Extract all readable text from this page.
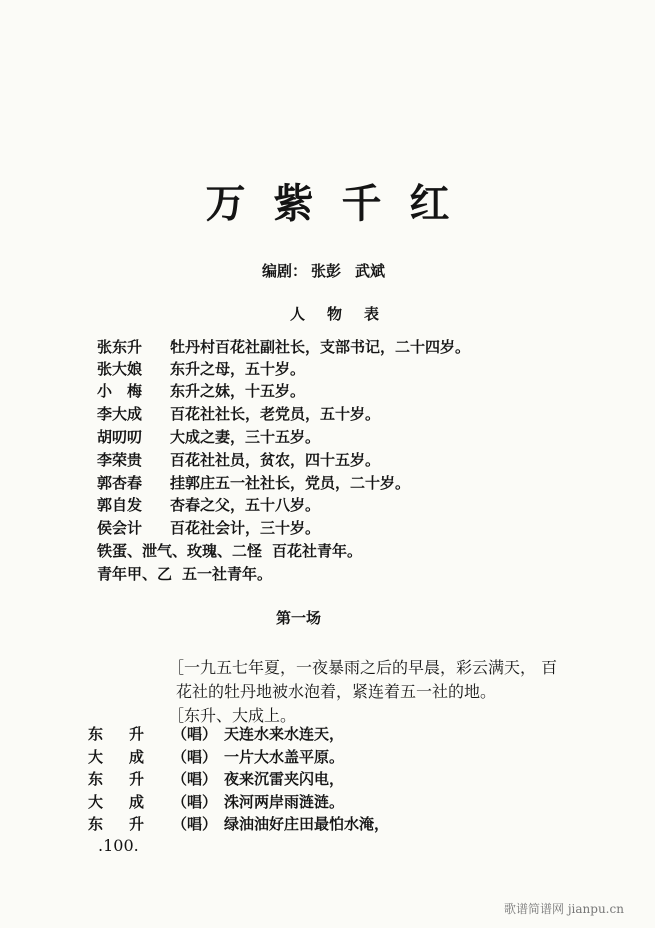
万紫千红
编剧： 张彭 武斌
人物表
张东升 牡丹村百花社副社长，支部书记，二十四岁。
张大娘 东升之母，五十岁。
小　梅 东升之妹，十五岁。
李大成 百花社社长，老党员，五十岁。
胡叨叨 大成之妻，三十五岁。
李荣贵 百花社社员，贫农，四十五岁。
郭杏春 挂郭庄五一社社长，党员，二十岁。
郭自发 杏春之父，五十八岁。
侯会计 百花社会计，三十岁。
铁蛋、泄气、玫瑰、二怪 百花社青年。
青年甲、乙 五一社青年。
第一场
［一九五七年夏，一夜暴雨之后的早晨，彩云满天， 百
花社的牡丹地被水泡着，紧连着五一社的地。
［东升、大成上。
东升 （唱） 天连水来水连天，
大成 （唱） 一片大水盖平原。
东升 （唱） 夜来沉雷夹闪电，
大成 （唱） 洙河两岸雨涟涟。
东升 （唱） 绿油油好庄田最怕水淹，
.100.
歌谱简谱网 jianpu.cn
